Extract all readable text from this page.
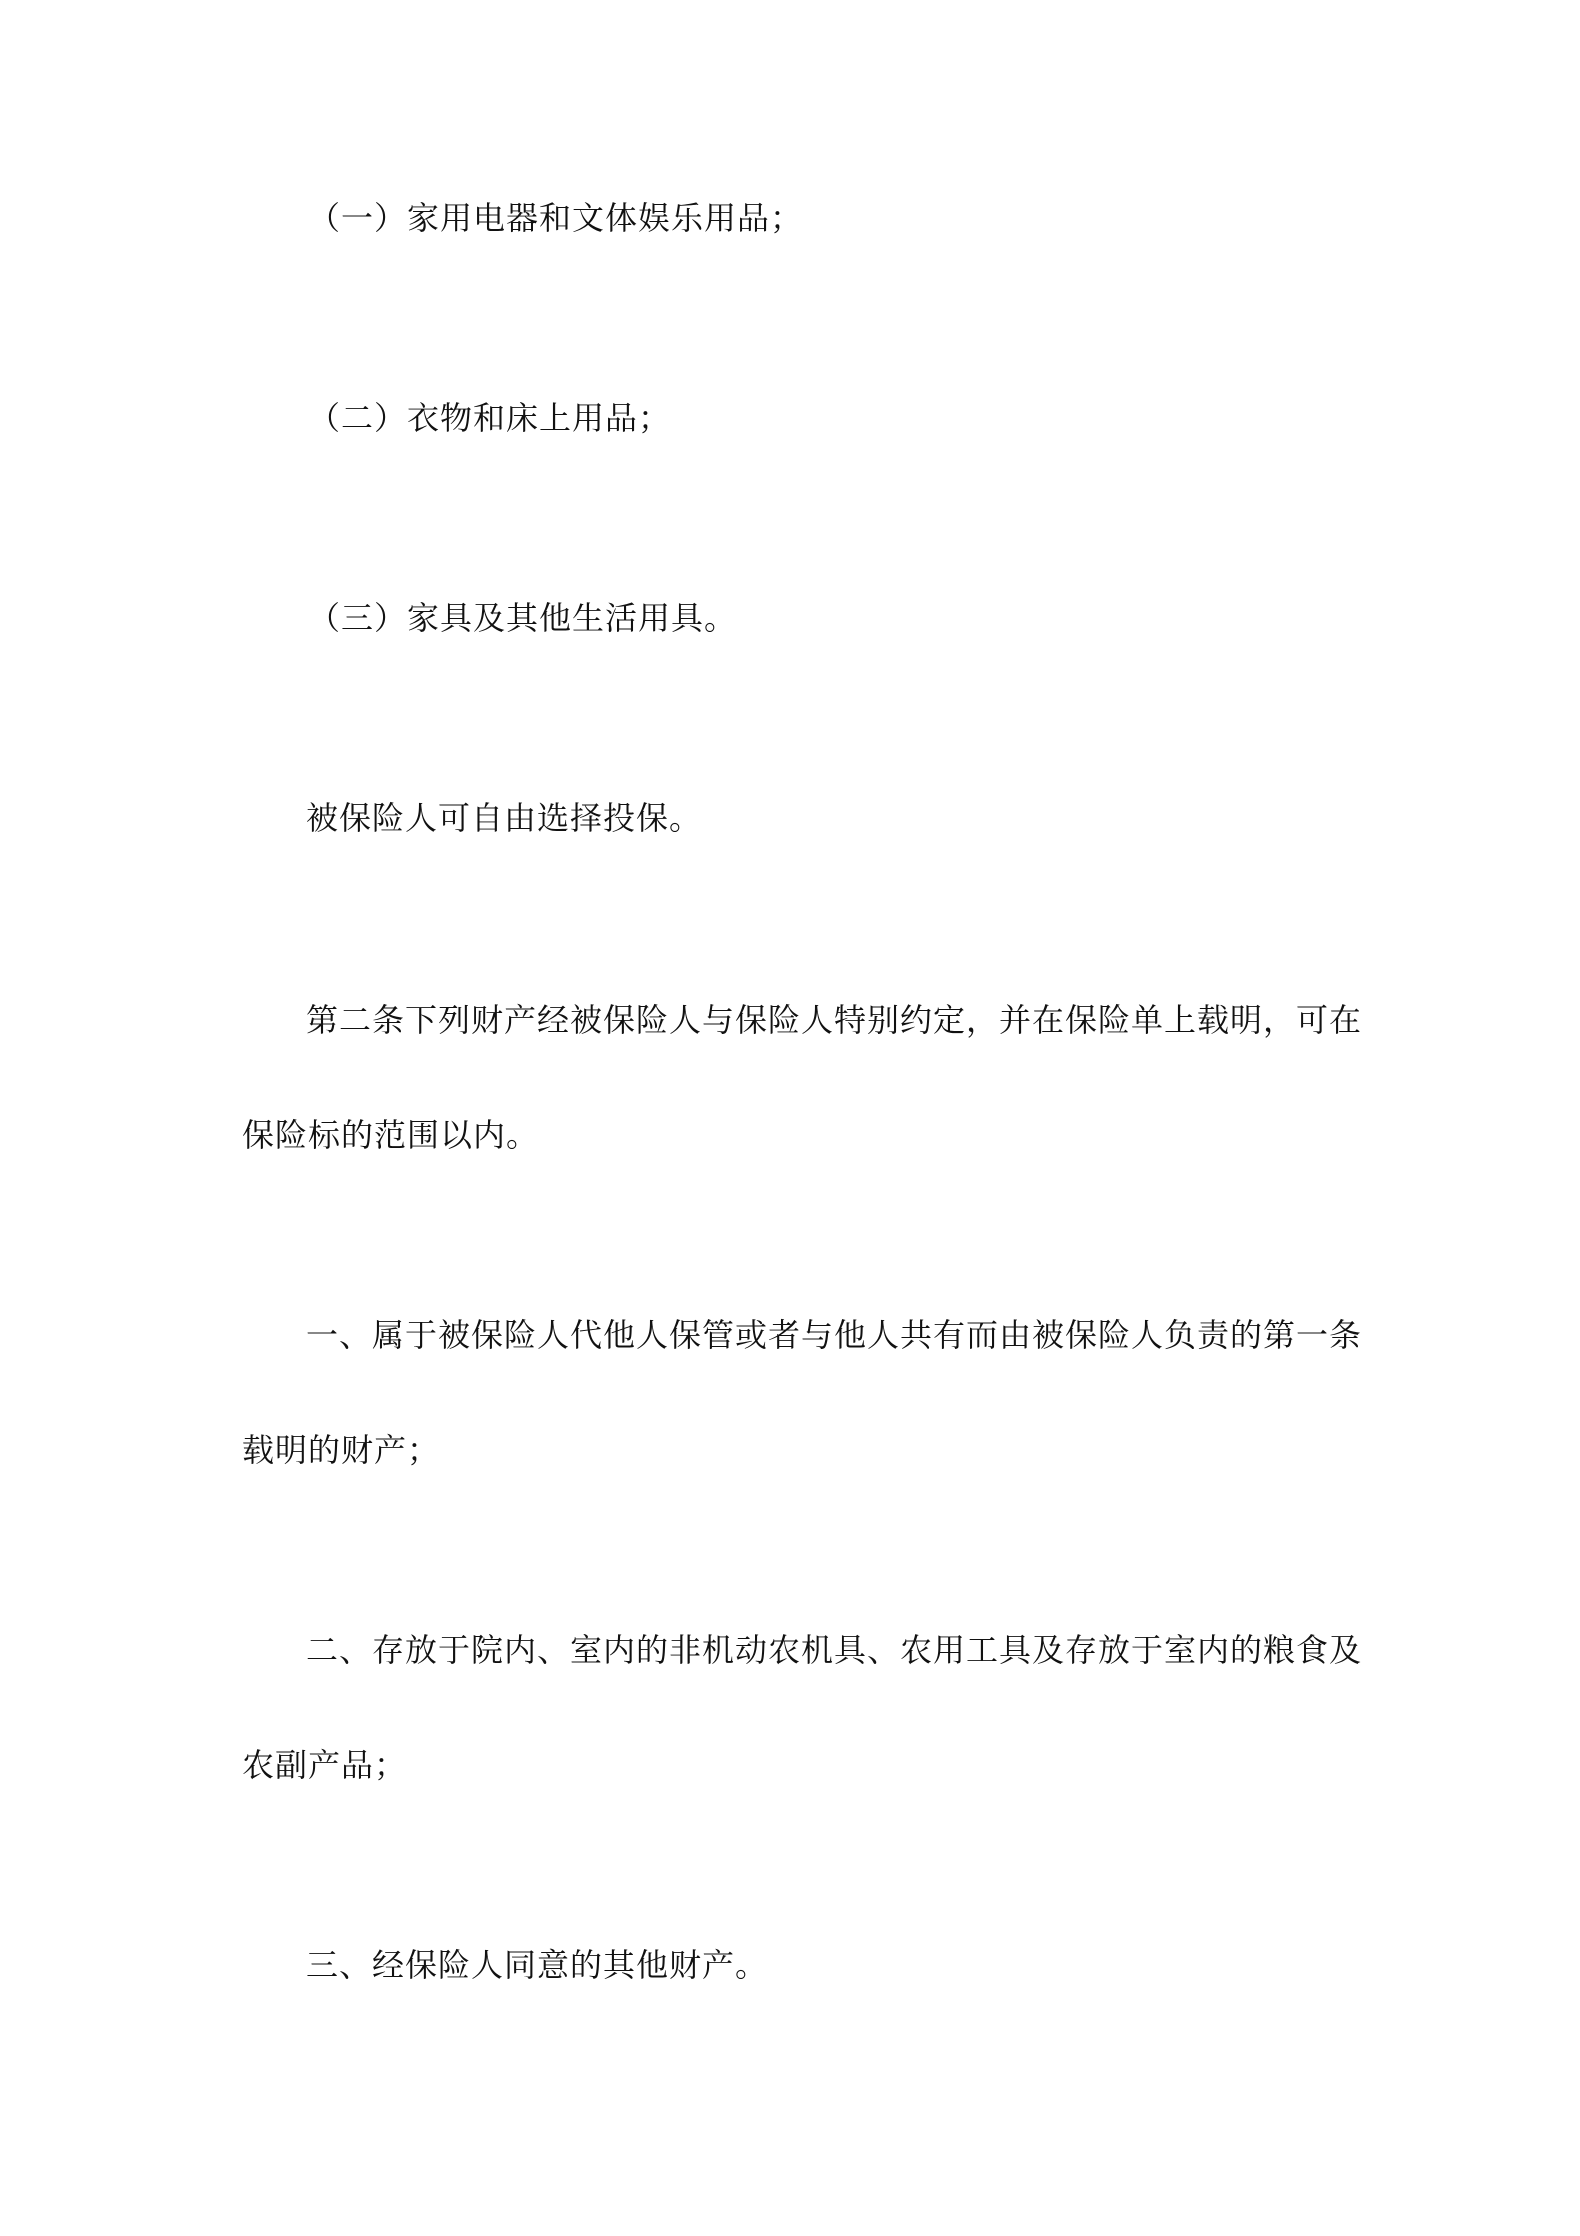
（一）家用电器和文体娱乐用品；
（二）衣物和床上用品；
（三）家具及其他生活用具。
被保险人可自由选择投保。
第二条下列财产经被保险人与保险人特别约定，并在保险单上载明，可在
保险标的范围以内。
一、属于被保险人代他人保管或者与他人共有而由被保险人负责的第一条
载明的财产；
二、存放于院内、室内的非机动农机具、农用工具及存放于室内的粮食及
农副产品；
三、经保险人同意的其他财产。
